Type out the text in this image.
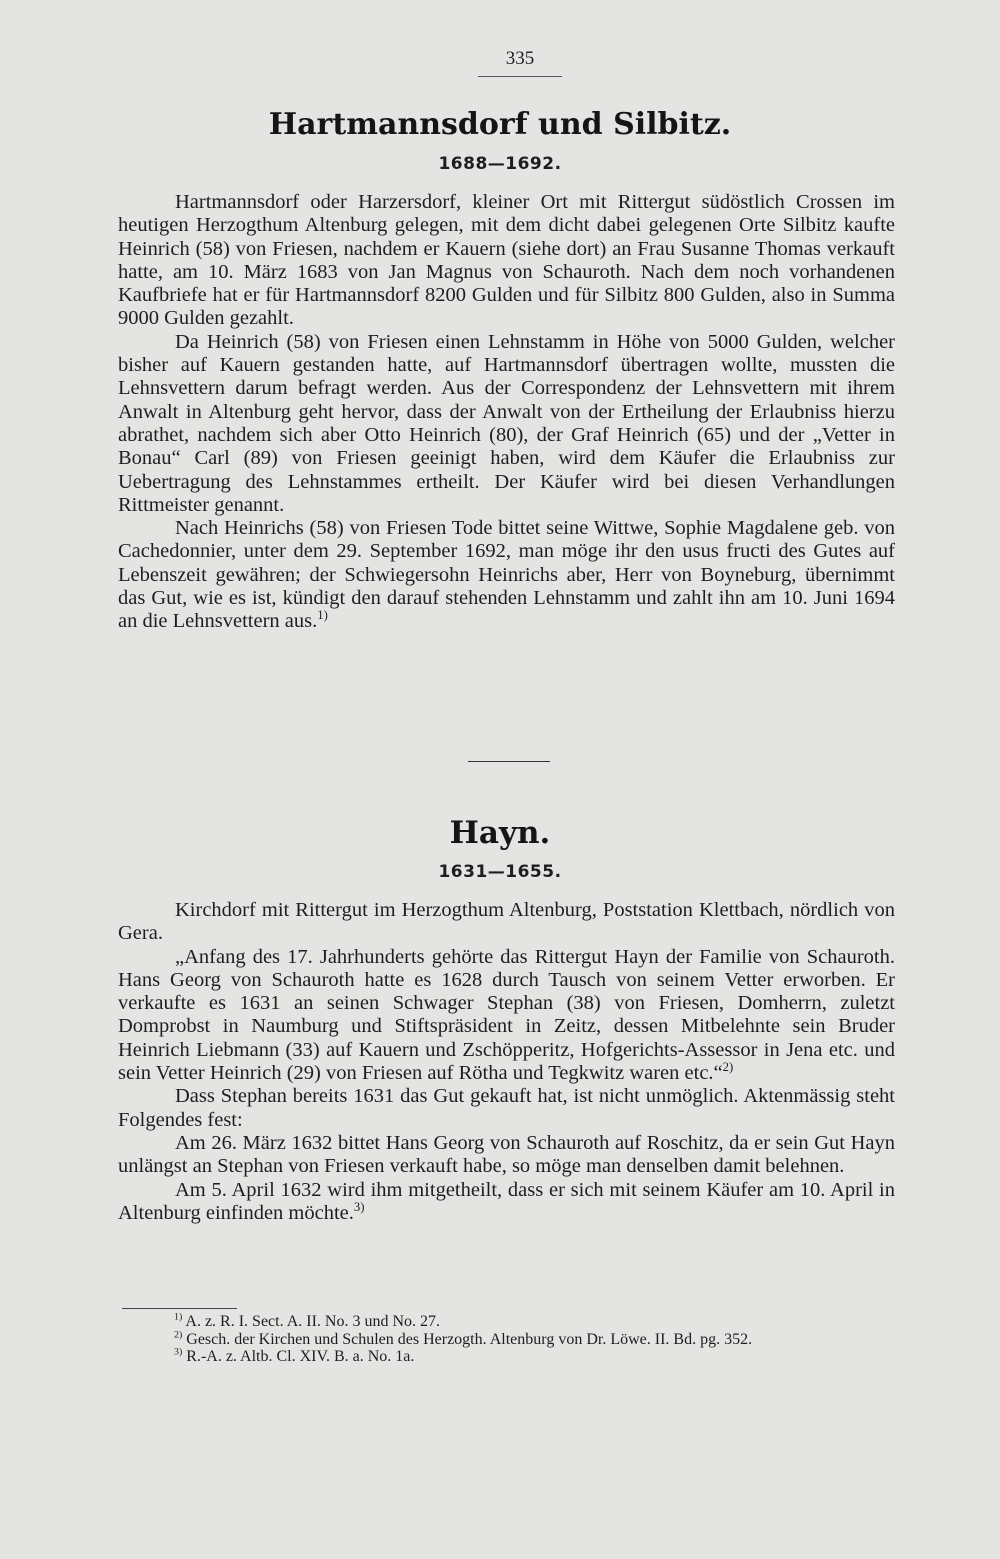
335
Hartmannsdorf und Silbitz.
1688—1692.

Hartmannsdorf oder Harzersdorf, kleiner Ort mit Rittergut südöstlich Crossen im heutigen Herzogthum Altenburg gelegen, mit dem dicht dabei gelegenen Orte Silbitz kaufte Heinrich (58) von Friesen, nachdem er Kauern (siehe dort) an Frau Susanne Thomas verkauft hatte, am 10. März 1683 von Jan Magnus von Schauroth. Nach dem noch vorhandenen Kaufbriefe hat er für Hartmannsdorf 8200 Gulden und für Silbitz 800 Gulden, also in Summa 9000 Gulden gezahlt.

Da Heinrich (58) von Friesen einen Lehnstamm in Höhe von 5000 Gulden, welcher bisher auf Kauern gestanden hatte, auf Hartmannsdorf übertragen wollte, mussten die Lehnsvettern darum befragt werden. Aus der Correspondenz der Lehnsvettern mit ihrem Anwalt in Altenburg geht hervor, dass der Anwalt von der Ertheilung der Erlaubniss hierzu abrathet, nachdem sich aber Otto Heinrich (80), der Graf Heinrich (65) und der „Vetter in Bonau“ Carl (89) von Friesen geeinigt haben, wird dem Käufer die Erlaubniss zur Uebertragung des Lehnstammes ertheilt. Der Käufer wird bei diesen Verhandlungen Rittmeister genannt.

Nach Heinrichs (58) von Friesen Tode bittet seine Wittwe, Sophie Magdalene geb. von Cachedonnier, unter dem 29. September 1692, man möge ihr den usus fructi des Gutes auf Lebenszeit gewähren; der Schwiegersohn Heinrichs aber, Herr von Boyneburg, übernimmt das Gut, wie es ist, kündigt den darauf stehenden Lehnstamm und zahlt ihn am 10. Juni 1694 an die Lehnsvettern aus.$^{1)}$

Hayn.
1631—1655.

Kirchdorf mit Rittergut im Herzogthum Altenburg, Poststation Klettbach, nördlich von Gera.

„Anfang des 17. Jahrhunderts gehörte das Rittergut Hayn der Familie von Schauroth. Hans Georg von Schauroth hatte es 1628 durch Tausch von seinem Vetter erworben. Er verkaufte es 1631 an seinen Schwager Stephan (38) von Friesen, Domherrn, zuletzt Domprobst in Naumburg und Stiftspräsident in Zeitz, dessen Mitbelehnte sein Bruder Heinrich Liebmann (33) auf Kauern und Zschöpperitz, Hofgerichts-Assessor in Jena etc. und sein Vetter Heinrich (29) von Friesen auf Rötha und Tegkwitz waren etc.“$^{2)}$

Dass Stephan bereits 1631 das Gut gekauft hat, ist nicht unmöglich. Aktenmässig steht Folgendes fest:

Am 26. März 1632 bittet Hans Georg von Schauroth auf Roschitz, da er sein Gut Hayn unlängst an Stephan von Friesen verkauft habe, so möge man denselben damit belehnen.

Am 5. April 1632 wird ihm mitgetheilt, dass er sich mit seinem Käufer am 10. April in Altenburg einfinden möchte.$^{3)}$

$^{1)}$ A. z. R. I. Sect. A. II. No. 3 und No. 27.

$^{2)}$ Gesch. der Kirchen und Schulen des Herzogth. Altenburg von Dr. Löwe. II. Bd. pg. 352.

$^{3)}$ R.-A. z. Altb. Cl. XIV. B. a. No. 1a.
